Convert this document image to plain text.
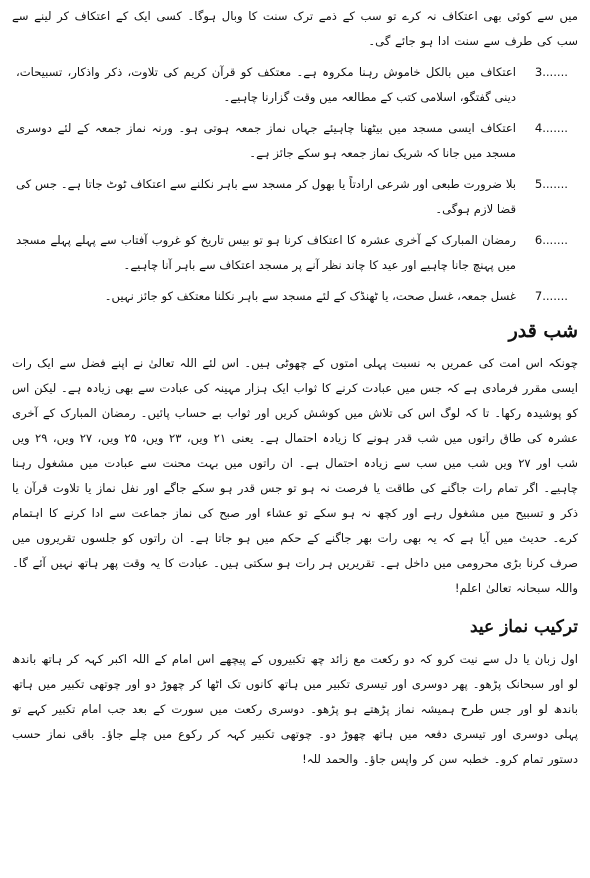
میں سے کوئی بھی اعتکاف نہ کرے تو سب کے ذمے ترک سنت کا وبال ہوگا۔ کسی ایک کے اعتکاف کر لینے سے سب کی طرف سے سنت ادا ہو جائے گی۔

3.......
اعتکاف میں بالکل خاموش رہنا مکروہ ہے۔ معتکف کو قرآن کریم کی تلاوت، ذکر واذکار، تسبیحات، دینی گفتگو، اسلامی کتب کے مطالعہ میں وقت گزارنا چاہیے۔
4.......
اعتکاف ایسی مسجد میں بیٹھنا چاہیئے جہاں نماز جمعہ ہوتی ہو۔ ورنہ نماز جمعہ کے لئے دوسری مسجد میں جانا کہ شریک نماز جمعہ ہو سکے جائز ہے۔
5.......
بلا ضرورت طبعی اور شرعی ارادتاً یا بھول کر مسجد سے باہر نکلنے سے اعتکاف ٹوٹ جاتا ہے۔ جس کی قضا لازم ہوگی۔
6.......
رمضان المبارک کے آخری عشرہ کا اعتکاف کرنا ہو تو بیس تاریخ کو غروب آفتاب سے پہلے پہلے مسجد میں پہنچ جانا چاہیے اور عید کا چاند نظر آنے پر مسجد اعتکاف سے باہر آنا چاہیے۔
7.......
غسل جمعہ، غسل صحت، یا ٹھنڈک کے لئے مسجد سے باہر نکلنا معتکف کو جائز نہیں۔
شب قدر

چونکہ اس امت کی عمریں بہ نسبت پہلی امتوں کے چھوٹی ہیں۔ اس لئے اللہ تعالیٰ نے اپنے فضل سے ایک رات ایسی مقرر فرمادی ہے کہ جس میں عبادت کرنے کا ثواب ایک ہزار مہینہ کی عبادت سے بھی زیادہ ہے۔ لیکن اس کو پوشیدہ رکھا۔ تا کہ لوگ اس کی تلاش میں کوشش کریں اور ثواب بے حساب پائیں۔ رمضان المبارک کے آخری عشرہ کی طاق راتوں میں شب قدر ہونے کا زیادہ احتمال ہے۔ یعنی ۲۱ ویں، ۲۳ ویں، ۲۵ ویں، ۲۷ ویں، ۲۹ ویں شب اور ۲۷ ویں شب میں سب سے زیادہ احتمال ہے۔ ان راتوں میں بہت محنت سے عبادت میں مشغول رہنا چاہیے۔ اگر تمام رات جاگنے کی طاقت یا فرصت نہ ہو تو جس قدر ہو سکے جاگے اور نفل نماز یا تلاوت قرآن یا ذکر و تسبیح میں مشغول رہے اور کچھ نہ ہو سکے تو عشاء اور صبح کی نماز جماعت سے ادا کرنے کا اہتمام کرے۔ حدیث میں آیا ہے کہ یہ بھی رات بھر جاگنے کے حکم میں ہو جاتا ہے۔ ان راتوں کو جلسوں تقریروں میں صرف کرنا بڑی محرومی میں داخل ہے۔ تقریریں ہر رات ہو سکتی ہیں۔ عبادت کا یہ وقت پھر ہاتھ نہیں آئے گا۔ واللہ سبحانہ تعالیٰ اعلم!

ترکیب نماز عید

اول زبان یا دل سے نیت کرو کہ دو رکعت مع زائد چھ تکبیروں کے پیچھے اس امام کے اللہ اکبر کہہ کر ہاتھ باندھ لو اور سبحانک پڑھو۔ پھر دوسری اور تیسری تکبیر میں ہاتھ کانوں تک اٹھا کر چھوڑ دو اور چوتھی تکبیر میں ہاتھ باندھ لو اور جس طرح ہمیشہ نماز پڑھتے ہو پڑھو۔ دوسری رکعت میں سورت کے بعد جب امام تکبیر کہے تو پہلی دوسری اور تیسری دفعہ میں ہاتھ چھوڑ دو۔ چوتھی تکبیر کہہ کر رکوع میں چلے جاؤ۔ باقی نماز حسب دستور تمام کرو۔ خطبہ سن کر واپس جاؤ۔ والحمد للہ!
